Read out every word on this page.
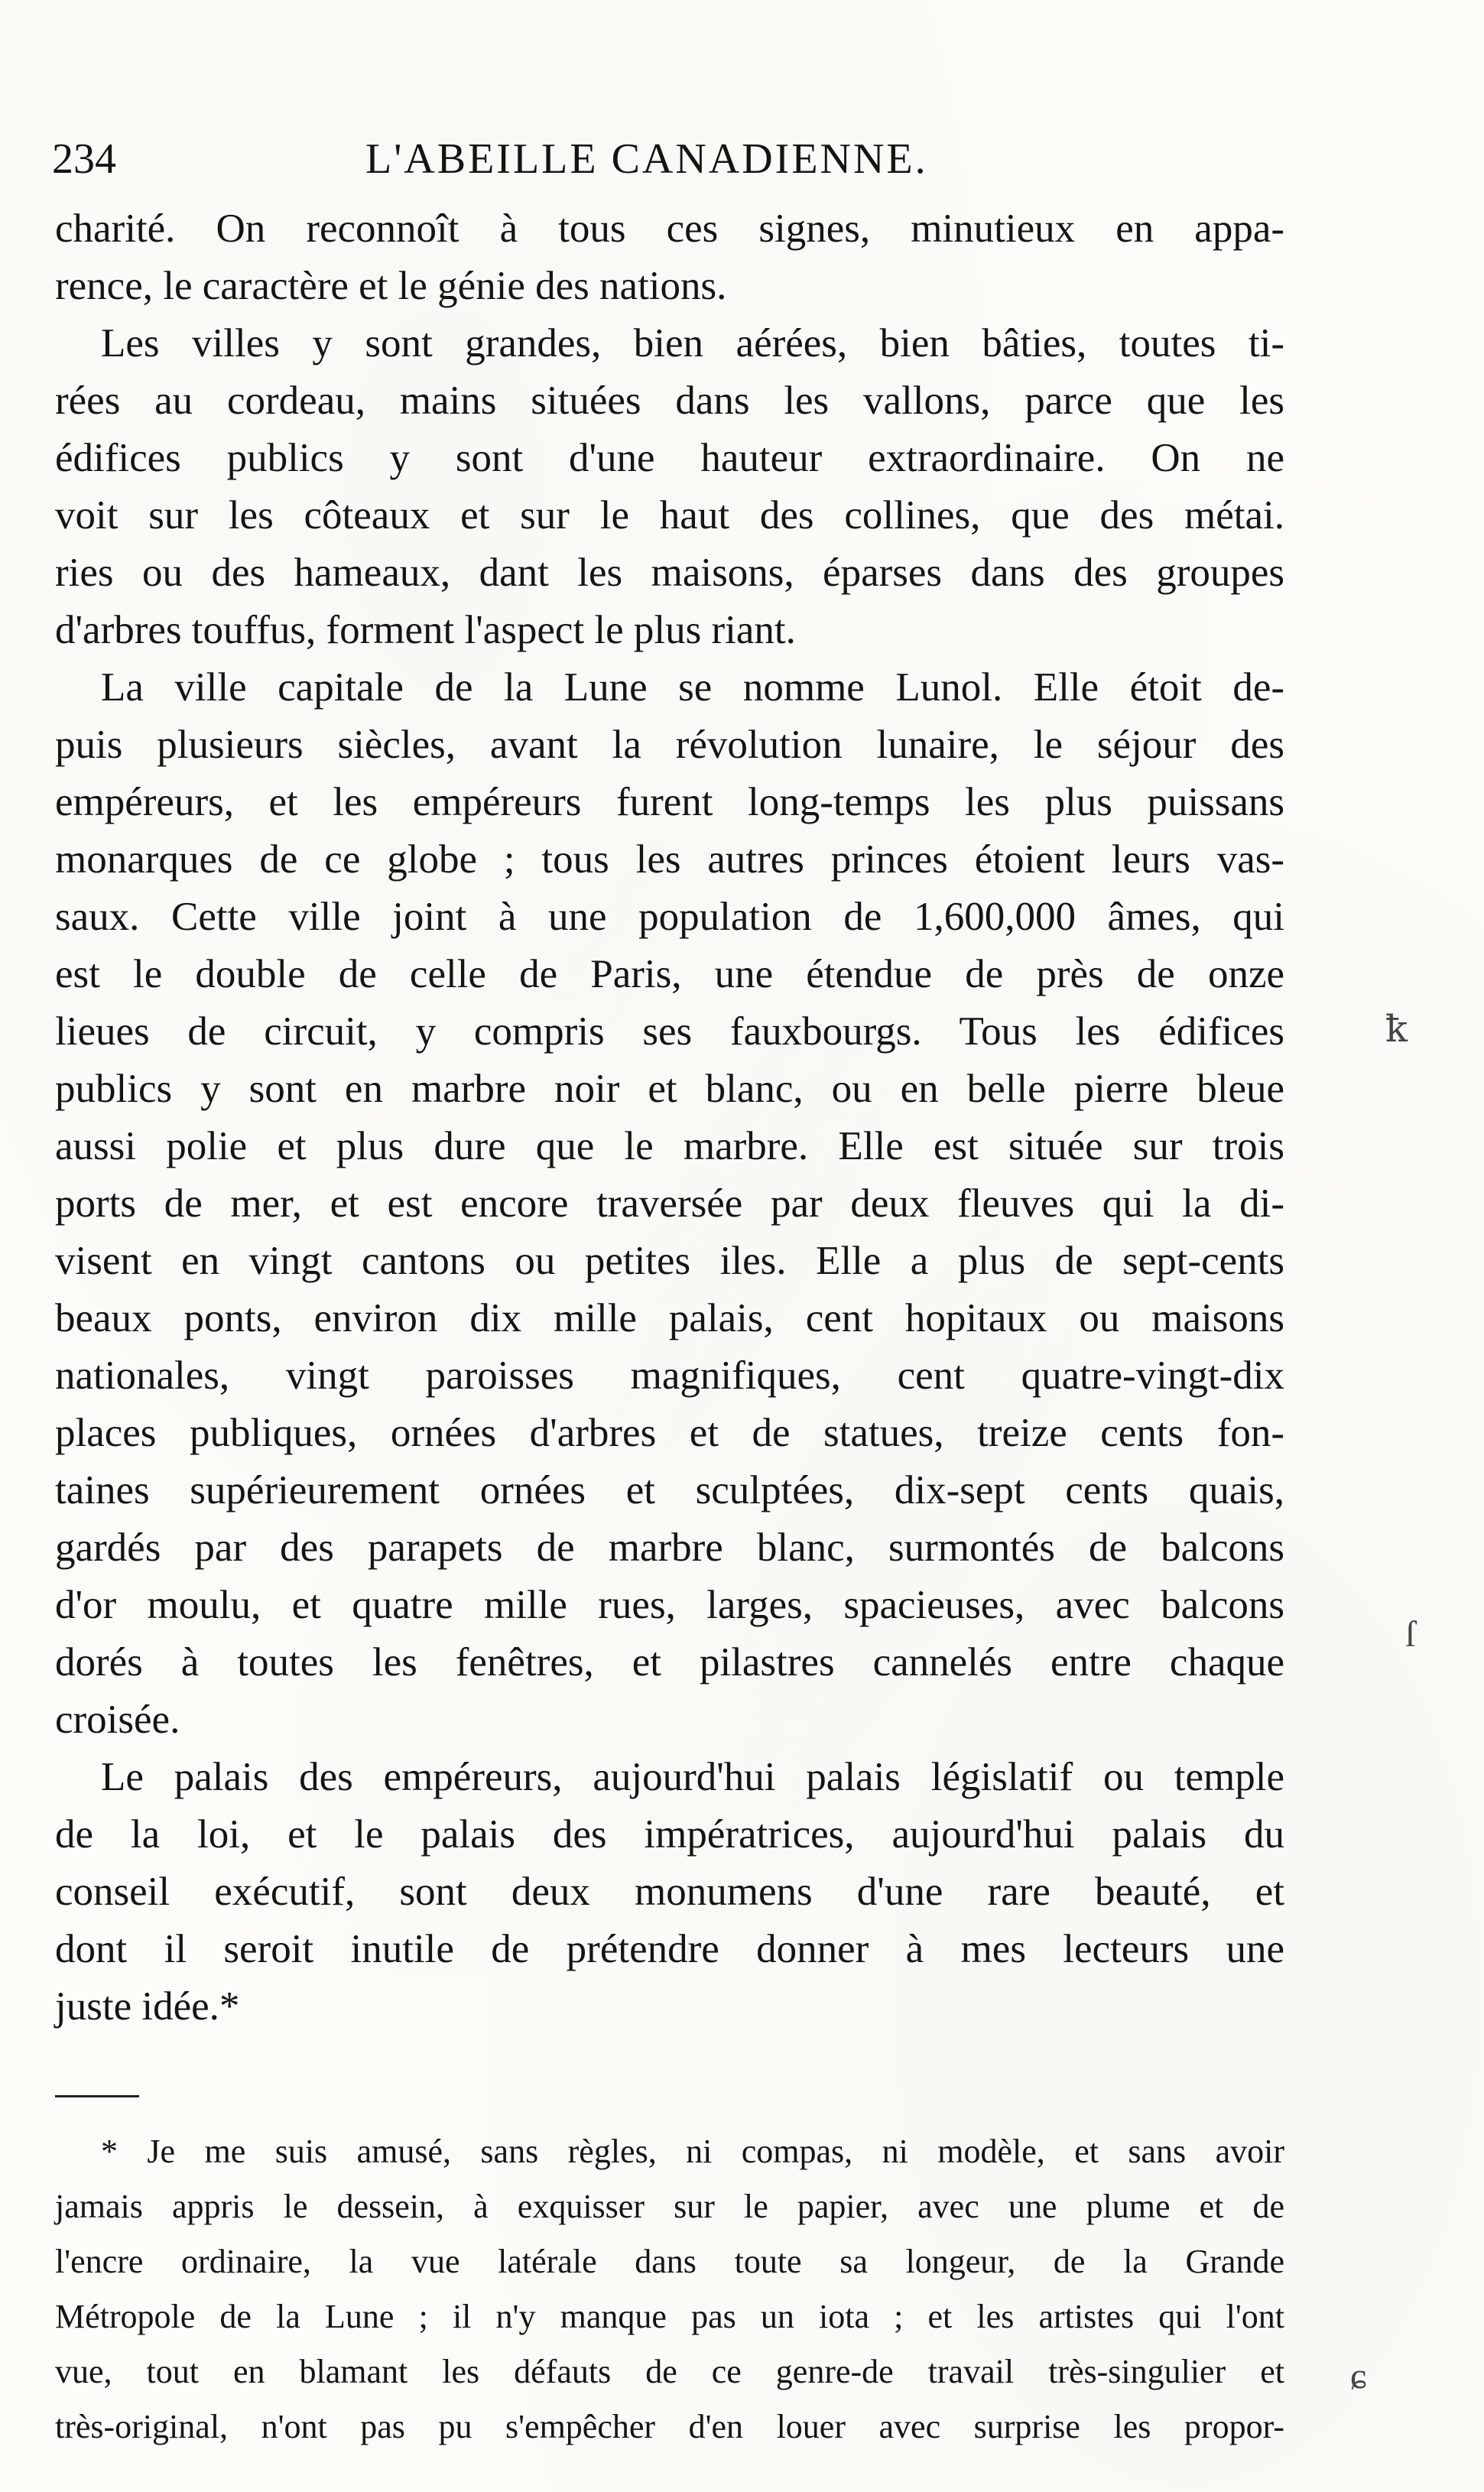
234	L'ABEILLE CANADIENNE.
charité. On reconnoît à tous ces signes, minutieux en appa-
rence, le caractère et le génie des nations.
Les villes y sont grandes, bien aérées, bien bâties, toutes ti-
rées au cordeau, mains situées dans les vallons, parce que les
édifices publics y sont d'une hauteur extraordinaire. On ne
voit sur les côteaux et sur le haut des collines, que des métai.
ries ou des hameaux, dant les maisons, éparses dans des groupes
d'arbres touffus, forment l'aspect le plus riant.
La ville capitale de la Lune se nomme Lunol. Elle étoit de-
puis plusieurs siècles, avant la révolution lunaire, le séjour des
empéreurs, et les empéreurs furent long-temps les plus puissans
monarques de ce globe ; tous les autres princes étoient leurs vas-
saux. Cette ville joint à une population de 1,600,000 âmes, qui
est le double de celle de Paris, une étendue de près de onze
lieues de circuit, y compris ses fauxbourgs. Tous les édifices
publics y sont en marbre noir et blanc, ou en belle pierre bleue
aussi polie et plus dure que le marbre. Elle est située sur trois
ports de mer, et est encore traversée par deux fleuves qui la di-
visent en vingt cantons ou petites iles. Elle a plus de sept-cents
beaux ponts, environ dix mille palais, cent hopitaux ou maisons
nationales, vingt paroisses magnifiques, cent quatre-vingt-dix
places publiques, ornées d'arbres et de statues, treize cents fon-
taines supérieurement ornées et sculptées, dix-sept cents quais,
gardés par des parapets de marbre blanc, surmontés de balcons
d'or moulu, et quatre mille rues, larges, spacieuses, avec balcons
dorés à toutes les fenêtres, et pilastres cannelés entre chaque
croisée.
Le palais des empéreurs, aujourd'hui palais législatif ou temple
de la loi, et le palais des impératrices, aujourd'hui palais du
conseil exécutif, sont deux monumens d'une rare beauté, et
dont il seroit inutile de prétendre donner à mes lecteurs une
juste idée.*
* Je me suis amusé, sans règles, ni compas, ni modèle, et sans avoir
jamais appris le dessein, à exquisser sur le papier, avec une plume et de
l'encre ordinaire, la vue latérale dans toute sa longeur, de la Grande
Métropole de la Lune ; il n'y manque pas un iota ; et les artistes qui l'ont
vue, tout en blamant les défauts de ce genre-de travail très-singulier et
très-original, n'ont pas pu s'empêcher d'en louer avec surprise les propor-
ꝁ
ſ
ɕ
